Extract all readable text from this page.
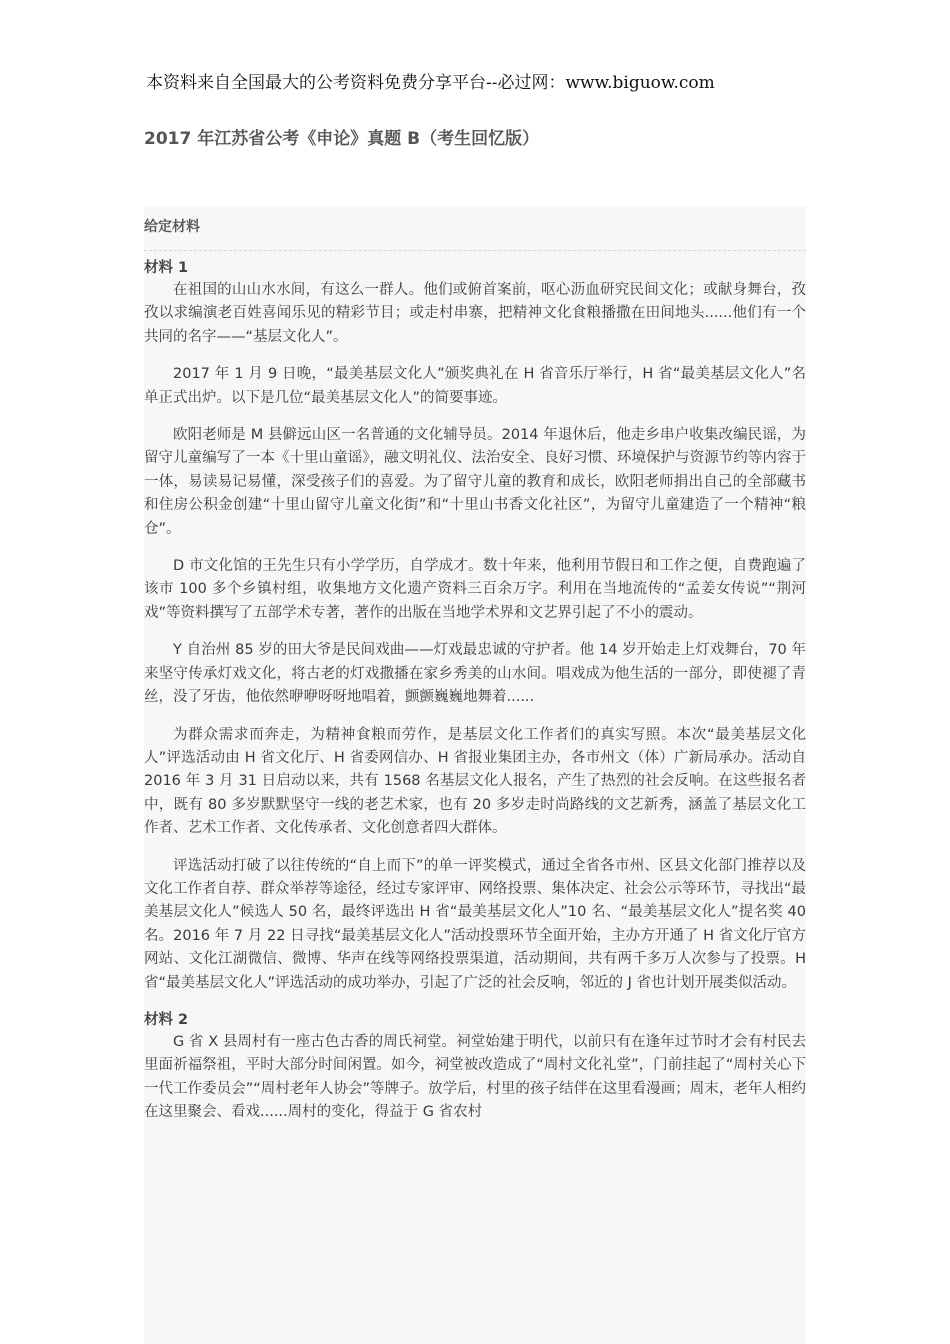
本资料来自全国最大的公考资料免费分享平台--必过网：www.biguow.com
2017 年江苏省公考《申论》真题 B（考生回忆版）
给定材料
材料 1

在祖国的山山水水间，有这么一群人。他们或俯首案前，呕心沥血研究民间文化；或献身舞台，孜孜以求编演老百姓喜闻乐见的精彩节目；或走村串寨，把精神文化食粮播撒在田间地头......他们有一个共同的名字——“基层文化人”。

2017 年 1 月 9 日晚，“最美基层文化人”颁奖典礼在 H 省音乐厅举行，H 省“最美基层文化人”名单正式出炉。以下是几位“最美基层文化人”的简要事迹。

欧阳老师是 M 县僻远山区一名普通的文化辅导员。2014 年退休后，他走乡串户收集改编民谣，为留守儿童编写了一本《十里山童谣》，融文明礼仪、法治安全、良好习惯、环境保护与资源节约等内容于一体，易读易记易懂，深受孩子们的喜爱。为了留守儿童的教育和成长，欧阳老师捐出自己的全部藏书和住房公积金创建“十里山留守儿童文化街”和“十里山书香文化社区”，为留守儿童建造了一个精神“粮仓”。

D 市文化馆的王先生只有小学学历，自学成才。数十年来，他利用节假日和工作之便，自费跑遍了该市 100 多个乡镇村组，收集地方文化遗产资料三百余万字。利用在当地流传的“孟姜女传说”“荆河戏”等资料撰写了五部学术专著，著作的出版在当地学术界和文艺界引起了不小的震动。

Y 自治州 85 岁的田大爷是民间戏曲——灯戏最忠诚的守护者。他 14 岁开始走上灯戏舞台，70 年来坚守传承灯戏文化，将古老的灯戏撒播在家乡秀美的山水间。唱戏成为他生活的一部分，即使褪了青丝，没了牙齿，他依然咿咿呀呀地唱着，颤颤巍巍地舞着......

为群众需求而奔走，为精神食粮而劳作，是基层文化工作者们的真实写照。本次“最美基层文化人”评选活动由 H 省文化厅、H 省委网信办、H 省报业集团主办，各市州文（体）广新局承办。活动自 2016 年 3 月 31 日启动以来，共有 1568 名基层文化人报名，产生了热烈的社会反响。在这些报名者中，既有 80 多岁默默坚守一线的老艺术家，也有 20 多岁走时尚路线的文艺新秀，涵盖了基层文化工作者、艺术工作者、文化传承者、文化创意者四大群体。

评选活动打破了以往传统的“自上而下”的单一评奖模式，通过全省各市州、区县文化部门推荐以及文化工作者自荐、群众举荐等途径，经过专家评审、网络投票、集体决定、社会公示等环节，寻找出“最美基层文化人”候选人 50 名，最终评选出 H 省“最美基层文化人”10 名、“最美基层文化人”提名奖 40 名。2016 年 7 月 22 日寻找“最美基层文化人”活动投票环节全面开始，主办方开通了 H 省文化厅官方网站、文化江湖微信、微博、华声在线等网络投票渠道，活动期间，共有两千多万人次参与了投票。H 省“最美基层文化人”评选活动的成功举办，引起了广泛的社会反响，邻近的 J 省也计划开展类似活动。

材料 2

G 省 X 县周村有一座古色古香的周氏祠堂。祠堂始建于明代，以前只有在逢年过节时才会有村民去里面祈福祭祖，平时大部分时间闲置。如今，祠堂被改造成了“周村文化礼堂”，门前挂起了“周村关心下一代工作委员会”“周村老年人协会”等牌子。放学后，村里的孩子结伴在这里看漫画；周末，老年人相约在这里聚会、看戏......周村的变化，得益于 G 省农村
